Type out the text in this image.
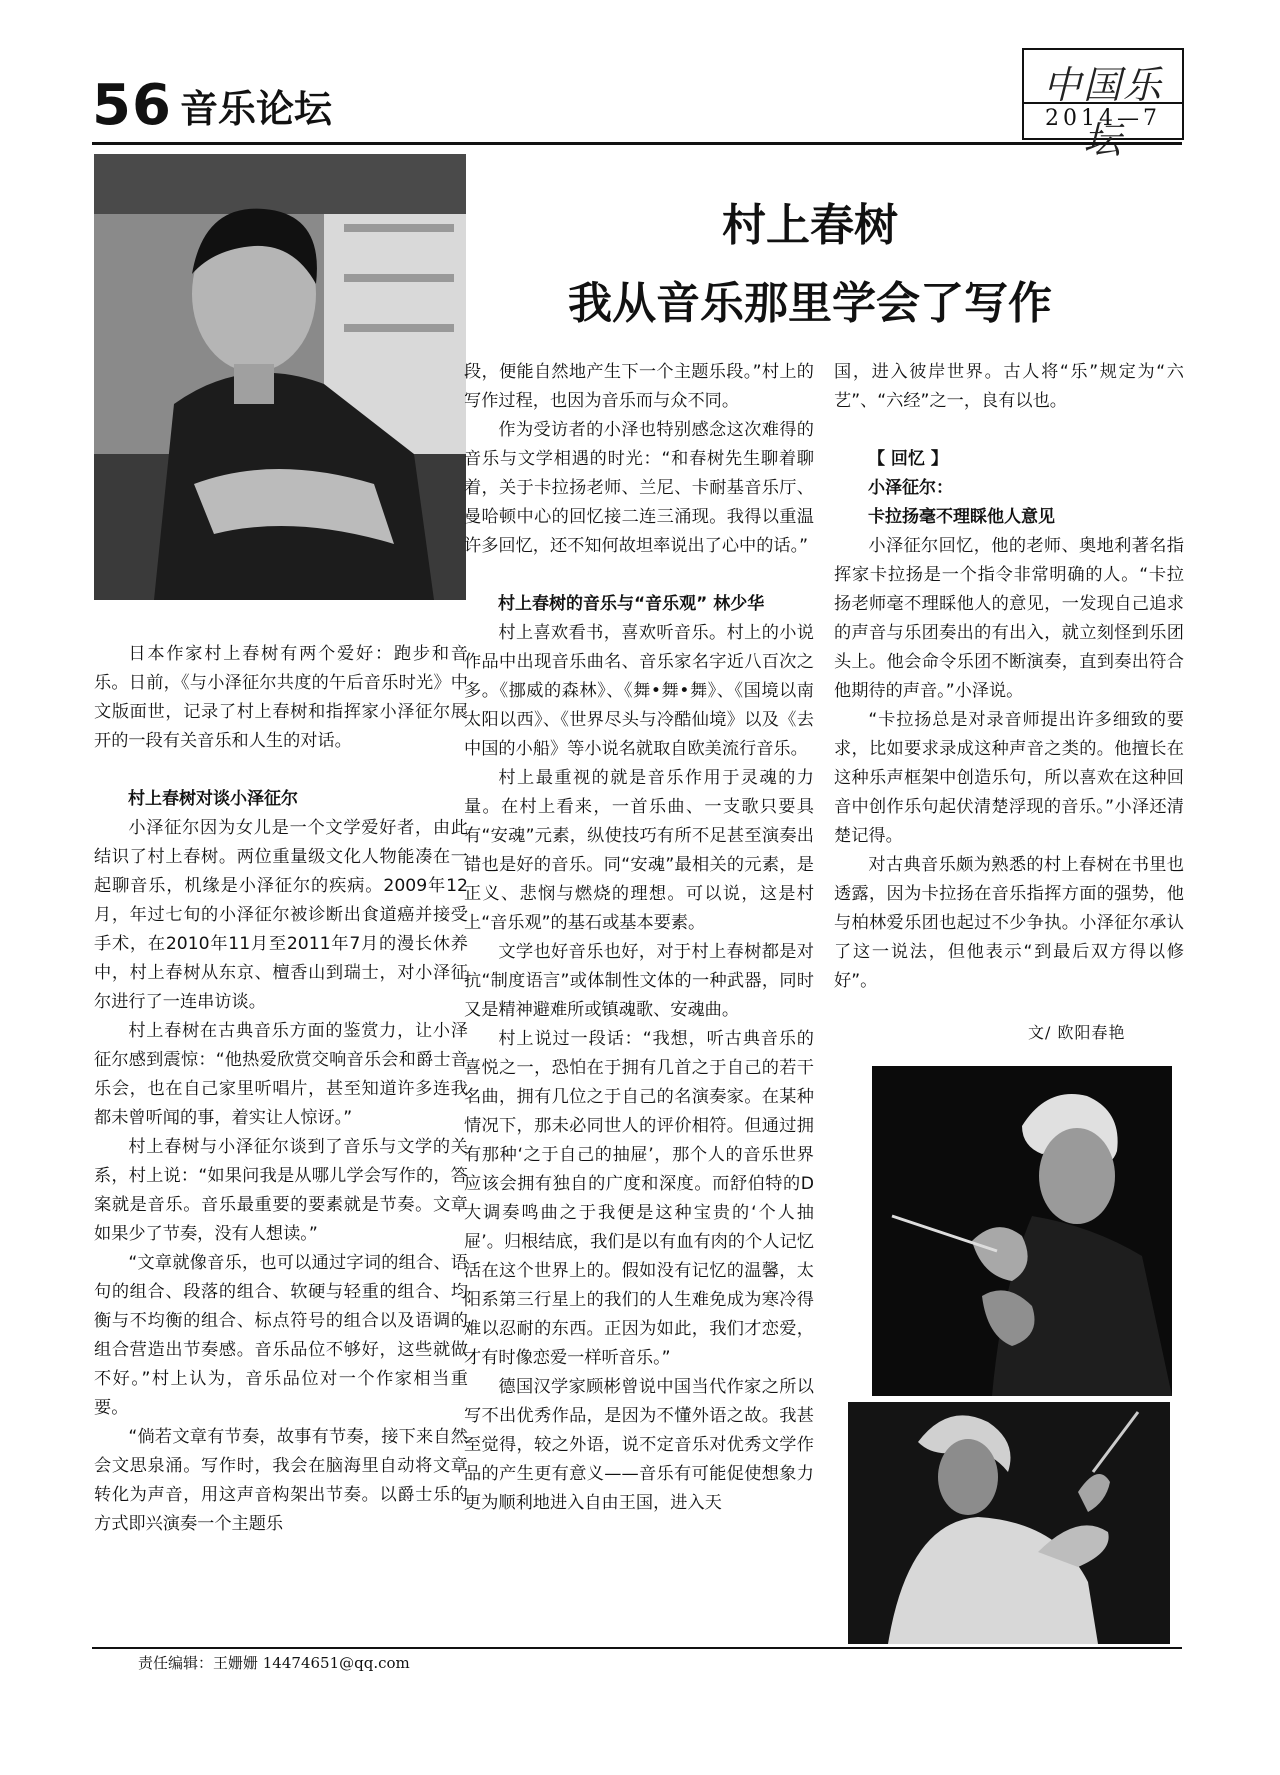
56 音乐论坛
中国乐坛
2014—7
村上春树
我从音乐那里学会了写作

日本作家村上春树有两个爱好：跑步和音乐。日前，《与小泽征尔共度的午后音乐时光》中文版面世，记录了村上春树和指挥家小泽征尔展开的一段有关音乐和人生的对话。

村上春树对谈小泽征尔

小泽征尔因为女儿是一个文学爱好者，由此结识了村上春树。两位重量级文化人物能凑在一起聊音乐，机缘是小泽征尔的疾病。2009年12月，年过七旬的小泽征尔被诊断出食道癌并接受手术，在2010年11月至2011年7月的漫长休养中，村上春树从东京、檀香山到瑞士，对小泽征尔进行了一连串访谈。

村上春树在古典音乐方面的鉴赏力，让小泽征尔感到震惊：“他热爱欣赏交响音乐会和爵士音乐会，也在自己家里听唱片，甚至知道许多连我都未曾听闻的事，着实让人惊讶。”

村上春树与小泽征尔谈到了音乐与文学的关系，村上说：“如果问我是从哪儿学会写作的，答案就是音乐。音乐最重要的要素就是节奏。文章如果少了节奏，没有人想读。”

“文章就像音乐，也可以通过字词的组合、语句的组合、段落的组合、软硬与轻重的组合、均衡与不均衡的组合、标点符号的组合以及语调的组合营造出节奏感。音乐品位不够好，这些就做不好。”村上认为，音乐品位对一个作家相当重要。

“倘若文章有节奏，故事有节奏，接下来自然会文思泉涌。写作时，我会在脑海里自动将文章转化为声音，用这声音构架出节奏。以爵士乐的方式即兴演奏一个主题乐

段，便能自然地产生下一个主题乐段。”村上的写作过程，也因为音乐而与众不同。

作为受访者的小泽也特别感念这次难得的音乐与文学相遇的时光：“和春树先生聊着聊着，关于卡拉扬老师、兰尼、卡耐基音乐厅、曼哈顿中心的回忆接二连三涌现。我得以重温许多回忆，还不知何故坦率说出了心中的话。”

村上春树的音乐与“音乐观” 林少华

村上喜欢看书，喜欢听音乐。村上的小说作品中出现音乐曲名、音乐家名字近八百次之多。《挪威的森林》、《舞•舞•舞》、《国境以南 太阳以西》、《世界尽头与冷酷仙境》以及《去中国的小船》等小说名就取自欧美流行音乐。

村上最重视的就是音乐作用于灵魂的力量。在村上看来，一首乐曲、一支歌只要具有“安魂”元素，纵使技巧有所不足甚至演奏出错也是好的音乐。同“安魂”最相关的元素，是正义、悲悯与燃烧的理想。可以说，这是村上“音乐观”的基石或基本要素。

文学也好音乐也好，对于村上春树都是对抗“制度语言”或体制性文体的一种武器，同时又是精神避难所或镇魂歌、安魂曲。

村上说过一段话：“我想，听古典音乐的喜悦之一，恐怕在于拥有几首之于自己的若干名曲，拥有几位之于自己的名演奏家。在某种情况下，那未必同世人的评价相符。但通过拥有那种‘之于自己的抽屉’，那个人的音乐世界应该会拥有独自的广度和深度。而舒伯特的D大调奏鸣曲之于我便是这种宝贵的‘个人抽屉’。归根结底，我们是以有血有肉的个人记忆活在这个世界上的。假如没有记忆的温馨，太阳系第三行星上的我们的人生难免成为寒冷得难以忍耐的东西。正因为如此，我们才恋爱，才有时像恋爱一样听音乐。”

德国汉学家顾彬曾说中国当代作家之所以写不出优秀作品，是因为不懂外语之故。我甚至觉得，较之外语，说不定音乐对优秀文学作品的产生更有意义——音乐有可能促使想象力更为顺利地进入自由王国，进入天

国，进入彼岸世界。古人将“乐”规定为“六艺”、“六经”之一，良有以也。

【 回忆 】
小泽征尔：
卡拉扬毫不理睬他人意见

小泽征尔回忆，他的老师、奥地利著名指挥家卡拉扬是一个指令非常明确的人。“卡拉扬老师毫不理睬他人的意见，一发现自己追求的声音与乐团奏出的有出入，就立刻怪到乐团头上。他会命令乐团不断演奏，直到奏出符合他期待的声音。”小泽说。

“卡拉扬总是对录音师提出许多细致的要求，比如要求录成这种声音之类的。他擅长在这种乐声框架中创造乐句，所以喜欢在这种回音中创作乐句起伏清楚浮现的音乐。”小泽还清楚记得。

对古典音乐颇为熟悉的村上春树在书里也透露，因为卡拉扬在音乐指挥方面的强势，他与柏林爱乐团也起过不少争执。小泽征尔承认了这一说法，但他表示“到最后双方得以修好”。

文/ 欧阳春艳
责任编辑：王姗姗 14474651@qq.com
